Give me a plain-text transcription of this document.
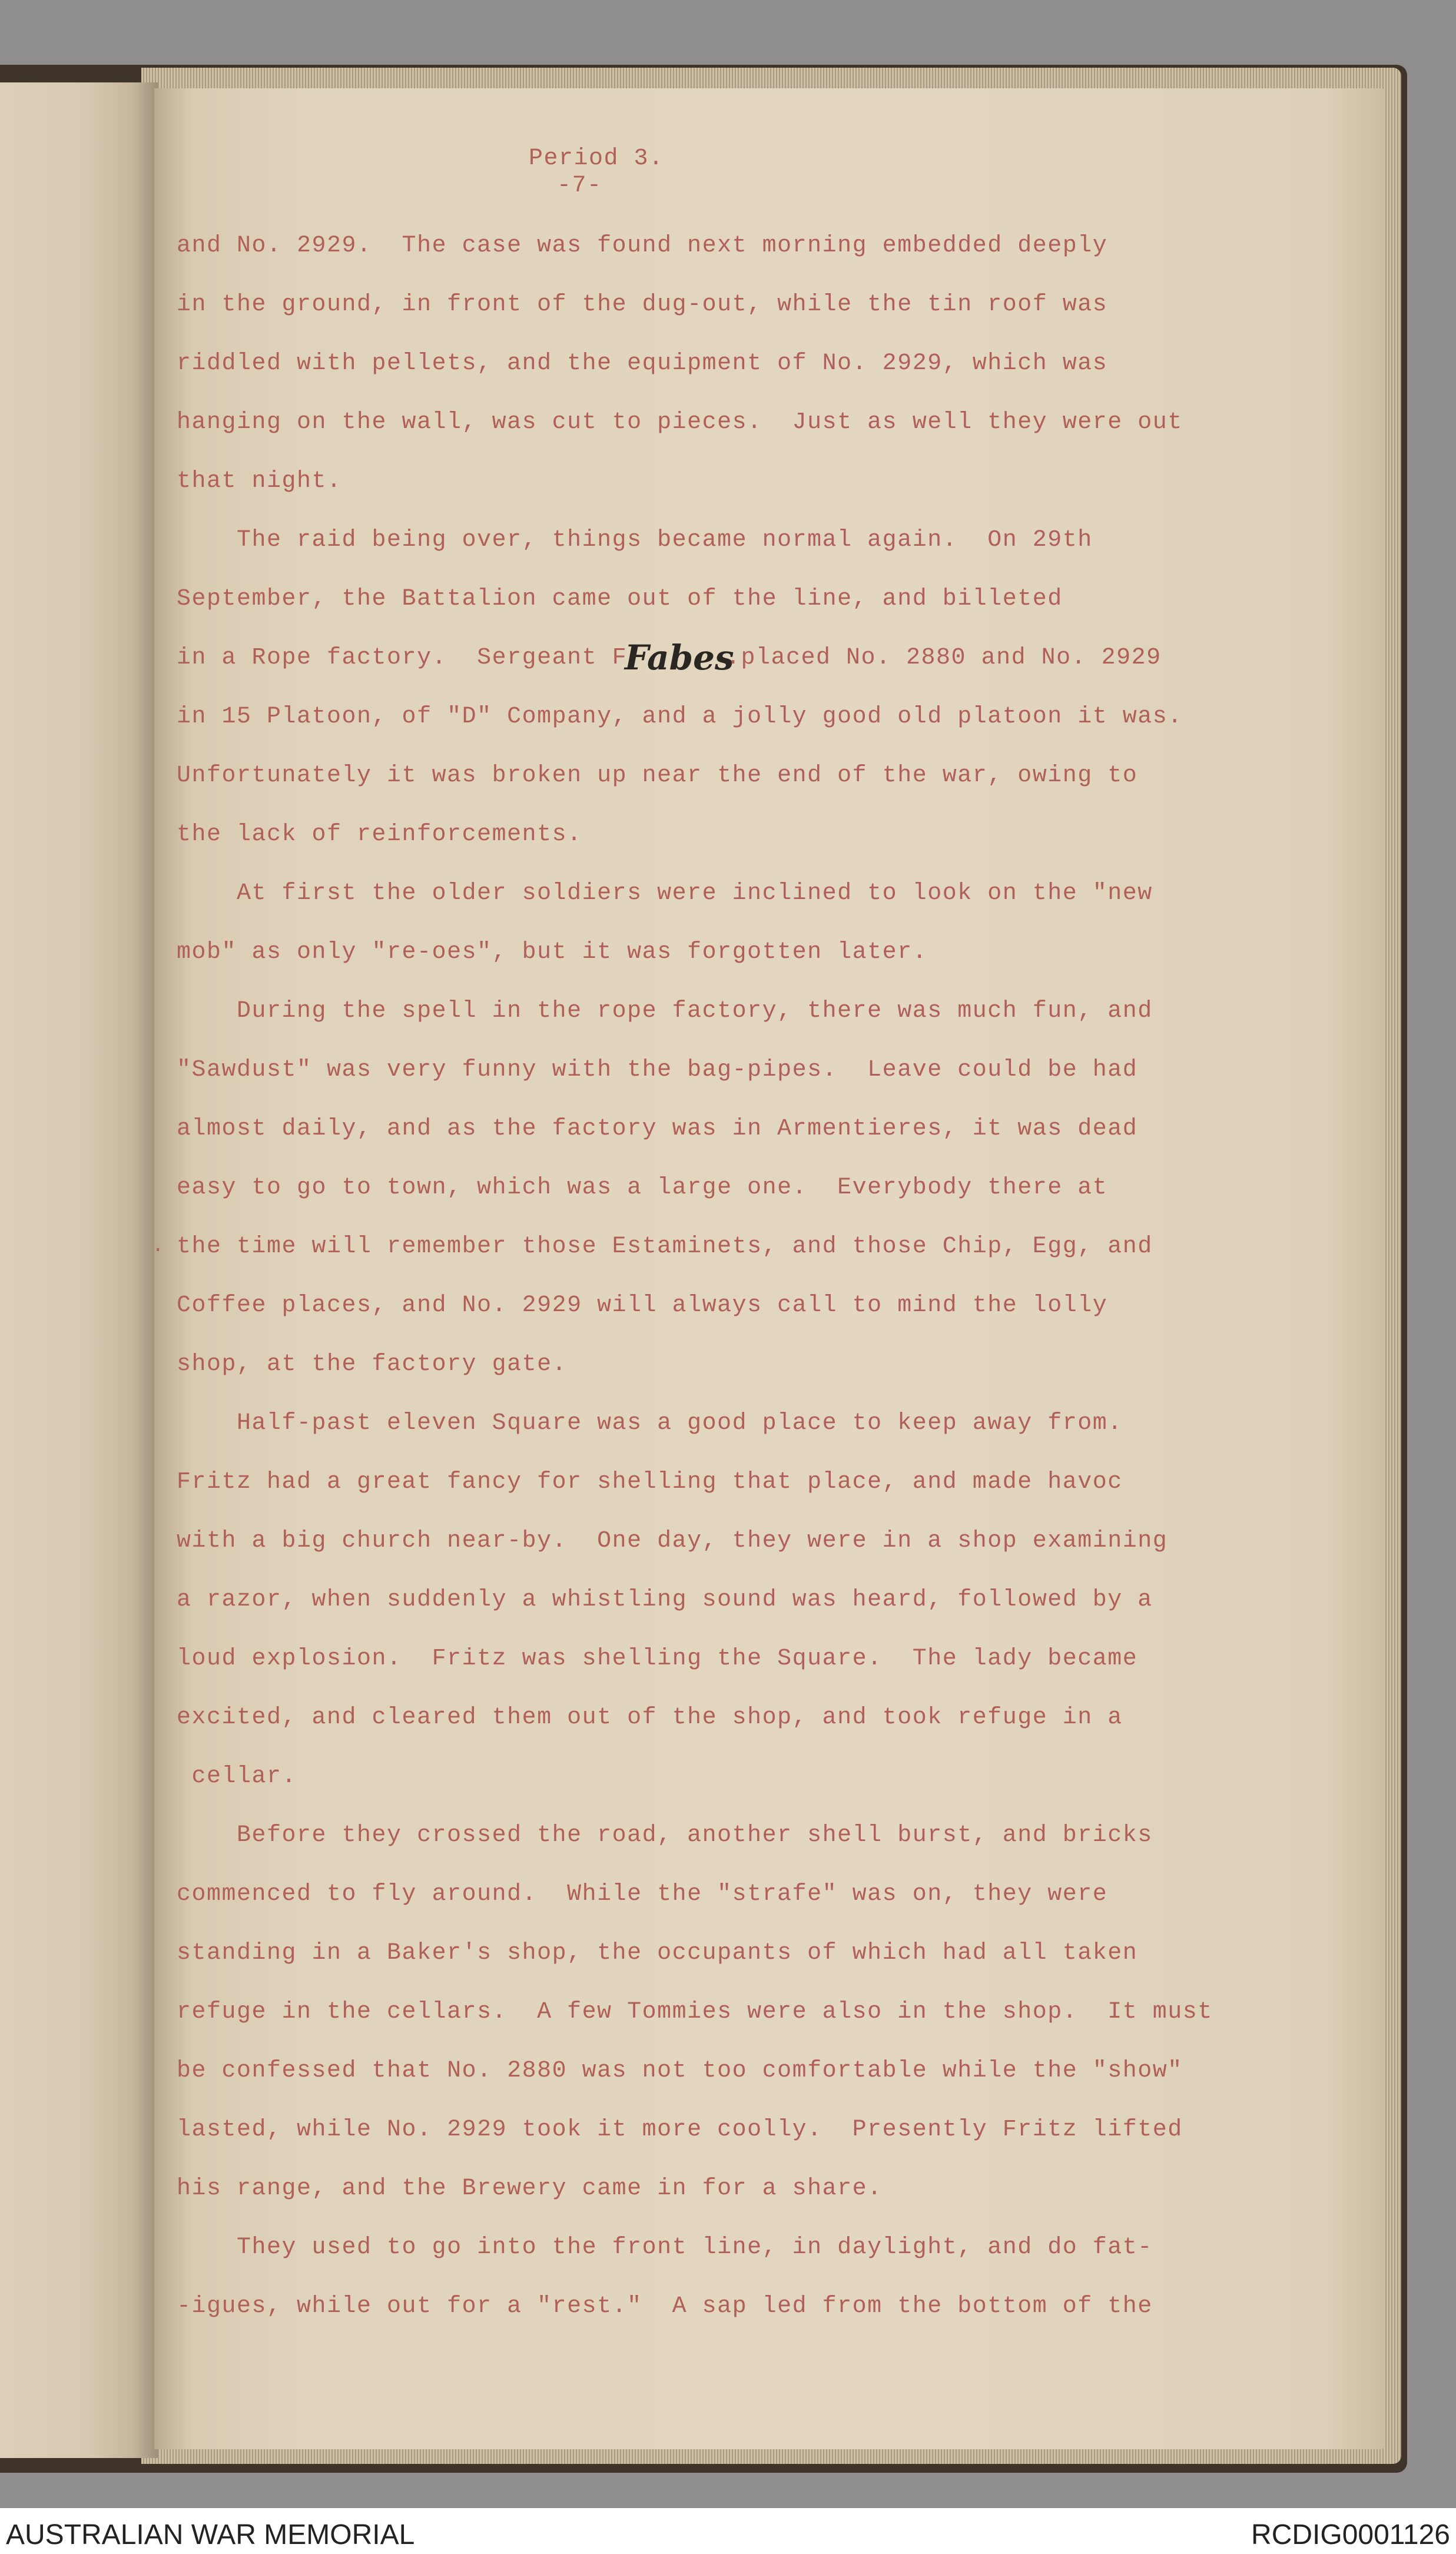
Period 3.
-7-
and No. 2929.  The case was found next morning embedded deeply
in the ground, in front of the dug-out, while the tin roof was
riddled with pellets, and the equipment of No. 2929, which was
hanging on the wall, was cut to pieces.  Just as well they were out
that night.
The raid being over, things became normal again.  On 29th
September, the Battalion came out of the line, and billeted
in a Rope factory.  Sergeant F
Fabes
.placed No. 2880 and No. 2929
in 15 Platoon, of "D" Company, and a jolly good old platoon it was.
Unfortunately it was broken up near the end of the war, owing to
the lack of reinforcements.
At first the older soldiers were inclined to look on the "new
mob" as only "re-oes", but it was forgotten later.
During the spell in the rope factory, there was much fun, and
"Sawdust" was very funny with the bag-pipes.  Leave could be had
almost daily, and as the factory was in Armentieres, it was dead
easy to go to town, which was a large one.  Everybody there at
the time will remember those Estaminets, and those Chip, Egg, and
Coffee places, and No. 2929 will always call to mind the lolly
shop, at the factory gate.
Half-past eleven Square was a good place to keep away from.
Fritz had a great fancy for shelling that place, and made havoc
with a big church near-by.  One day, they were in a shop examining
a razor, when suddenly a whistling sound was heard, followed by a
loud explosion.  Fritz was shelling the Square.  The lady became
excited, and cleared them out of the shop, and took refuge in a
cellar.
Before they crossed the road, another shell burst, and bricks
commenced to fly around.  While the "strafe" was on, they were
standing in a Baker's shop, the occupants of which had all taken
refuge in the cellars.  A few Tommies were also in the shop.  It must
be confessed that No. 2880 was not too comfortable while the "show"
lasted, while No. 2929 took it more coolly.  Presently Fritz lifted
his range, and the Brewery came in for a share.
They used to go into the front line, in daylight, and do fat-
-igues, while out for a "rest."  A sap led from the bottom of the
·
AUSTRALIAN WAR MEMORIAL	RCDIG0001126
